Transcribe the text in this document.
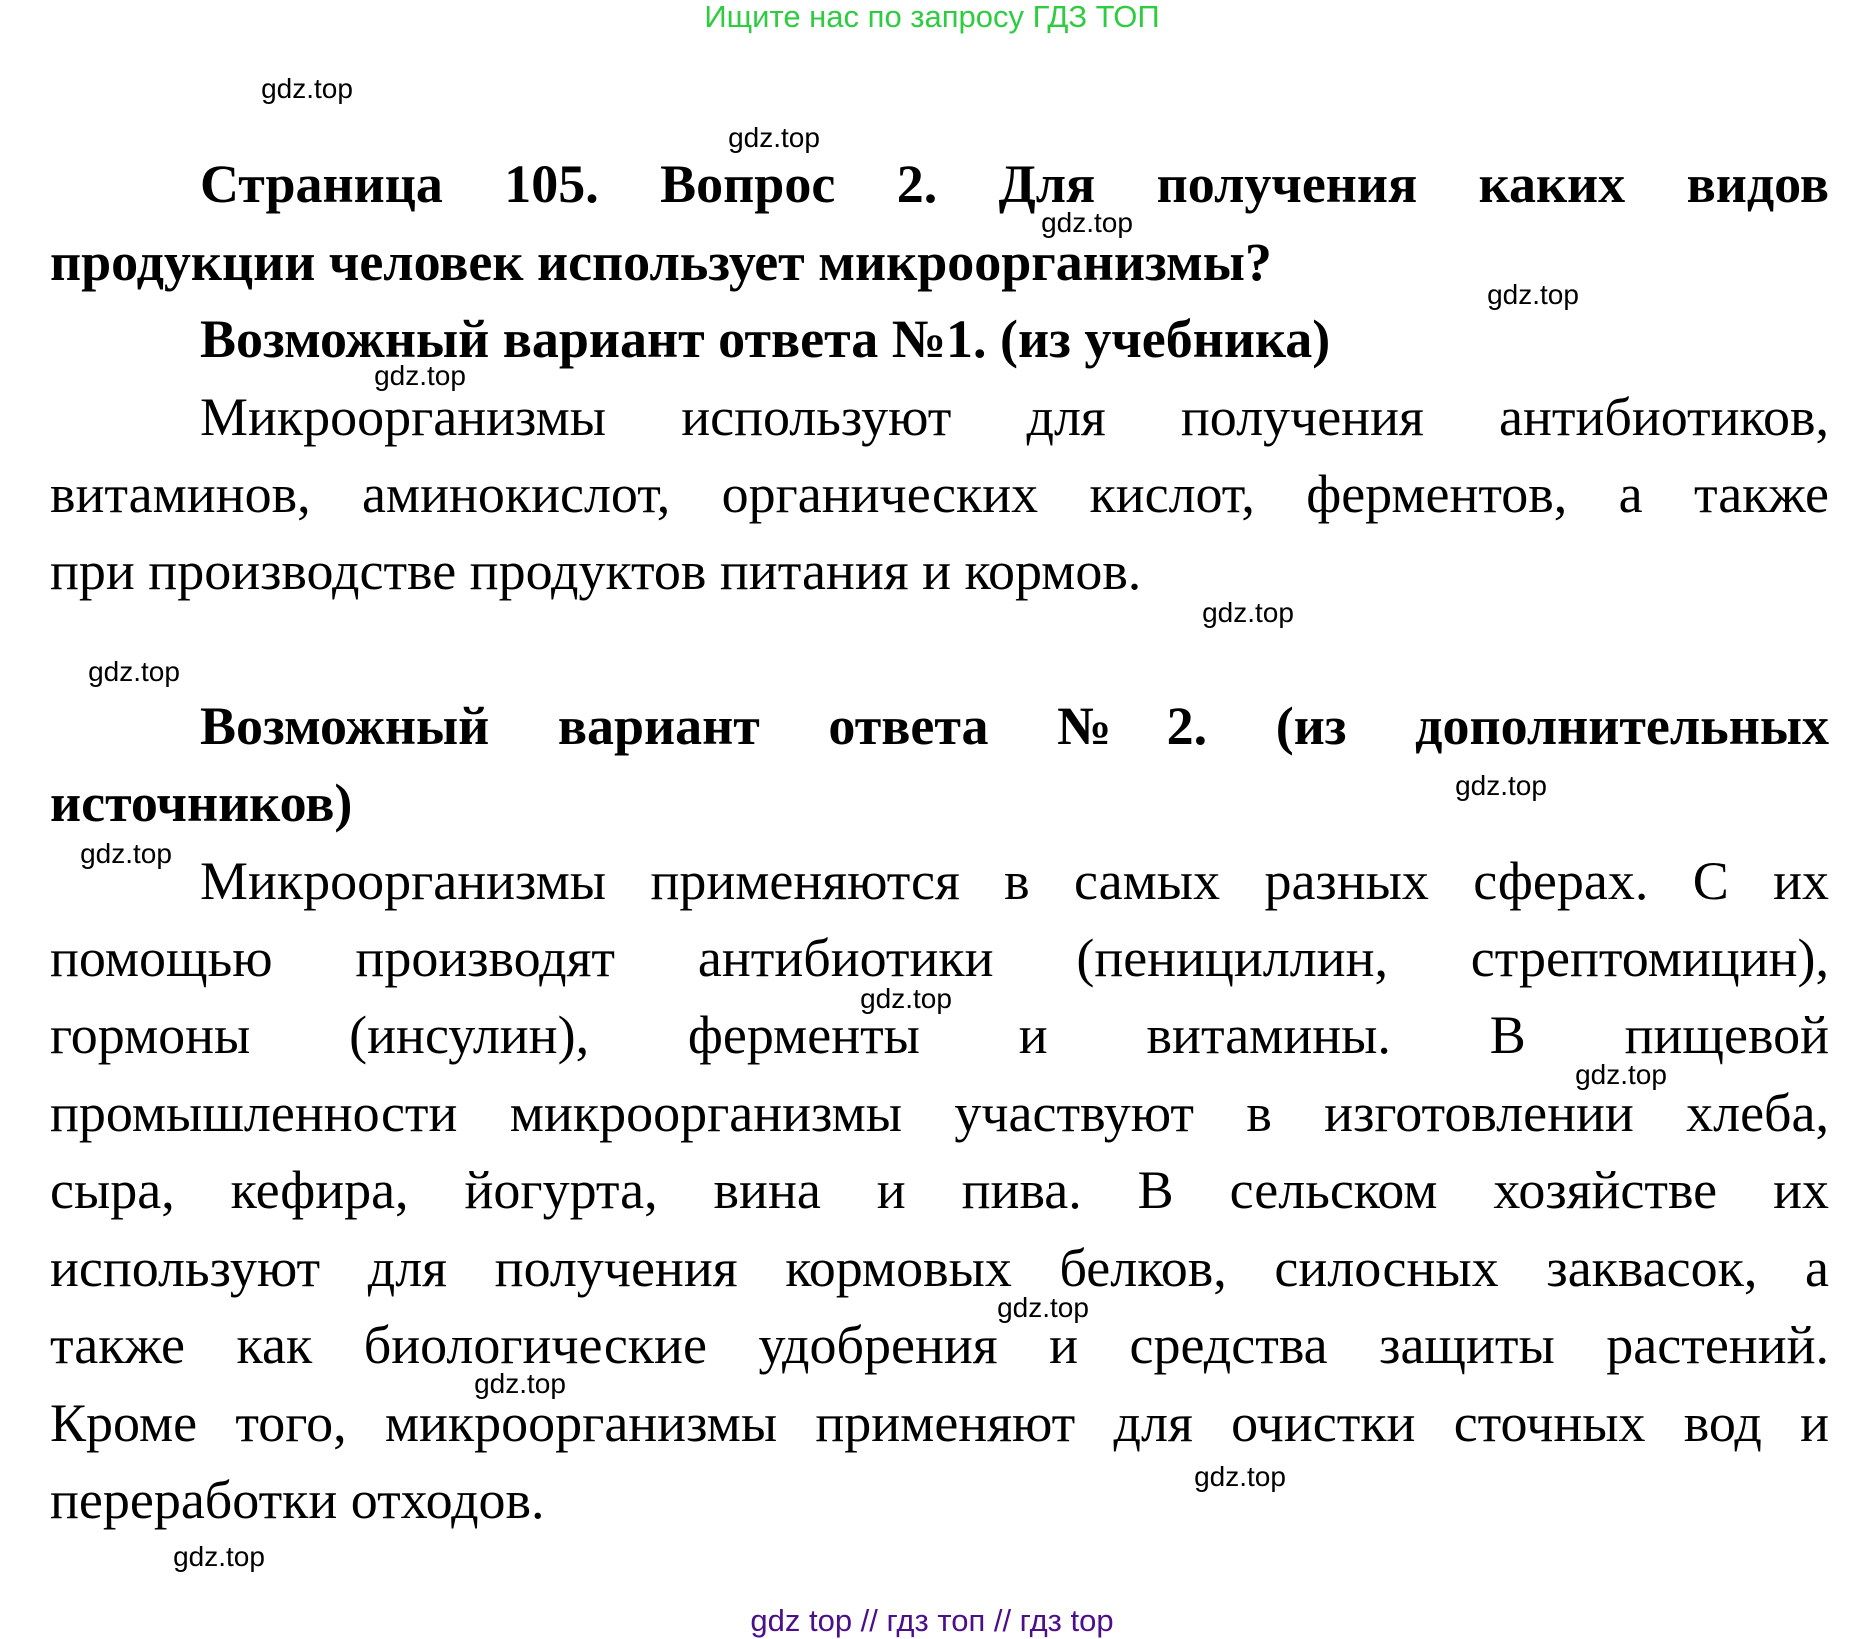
Ищите нас по запросу ГДЗ ТОП
Страница 105. Вопрос 2. Для получения каких видов
продукции человек использует микроорганизмы?
Возможный вариант ответа №1. (из учебника)
Микроорганизмы используют для получения антибиотиков,
витаминов, аминокислот, органических кислот, ферментов, а также
при производстве продуктов питания и кормов.
Возможный вариант ответа №2. (из дополнительных
источников)
Микроорганизмы применяются в самых разных сферах. С их
помощью производят антибиотики (пенициллин, стрептомицин),
гормоны (инсулин), ферменты и витамины. В пищевой
промышленности микроорганизмы участвуют в изготовлении хлеба,
сыра, кефира, йогурта, вина и пива. В сельском хозяйстве их
используют для получения кормовых белков, силосных заквасок, а
также как биологические удобрения и средства защиты растений.
Кроме того, микроорганизмы применяют для очистки сточных вод и
переработки отходов.
gdz.top
gdz.top
gdz.top
gdz.top
gdz.top
gdz.top
gdz.top
gdz.top
gdz.top
gdz.top
gdz.top
gdz.top
gdz.top
gdz.top
gdz.top
gdz top // гдз топ // гдз top
